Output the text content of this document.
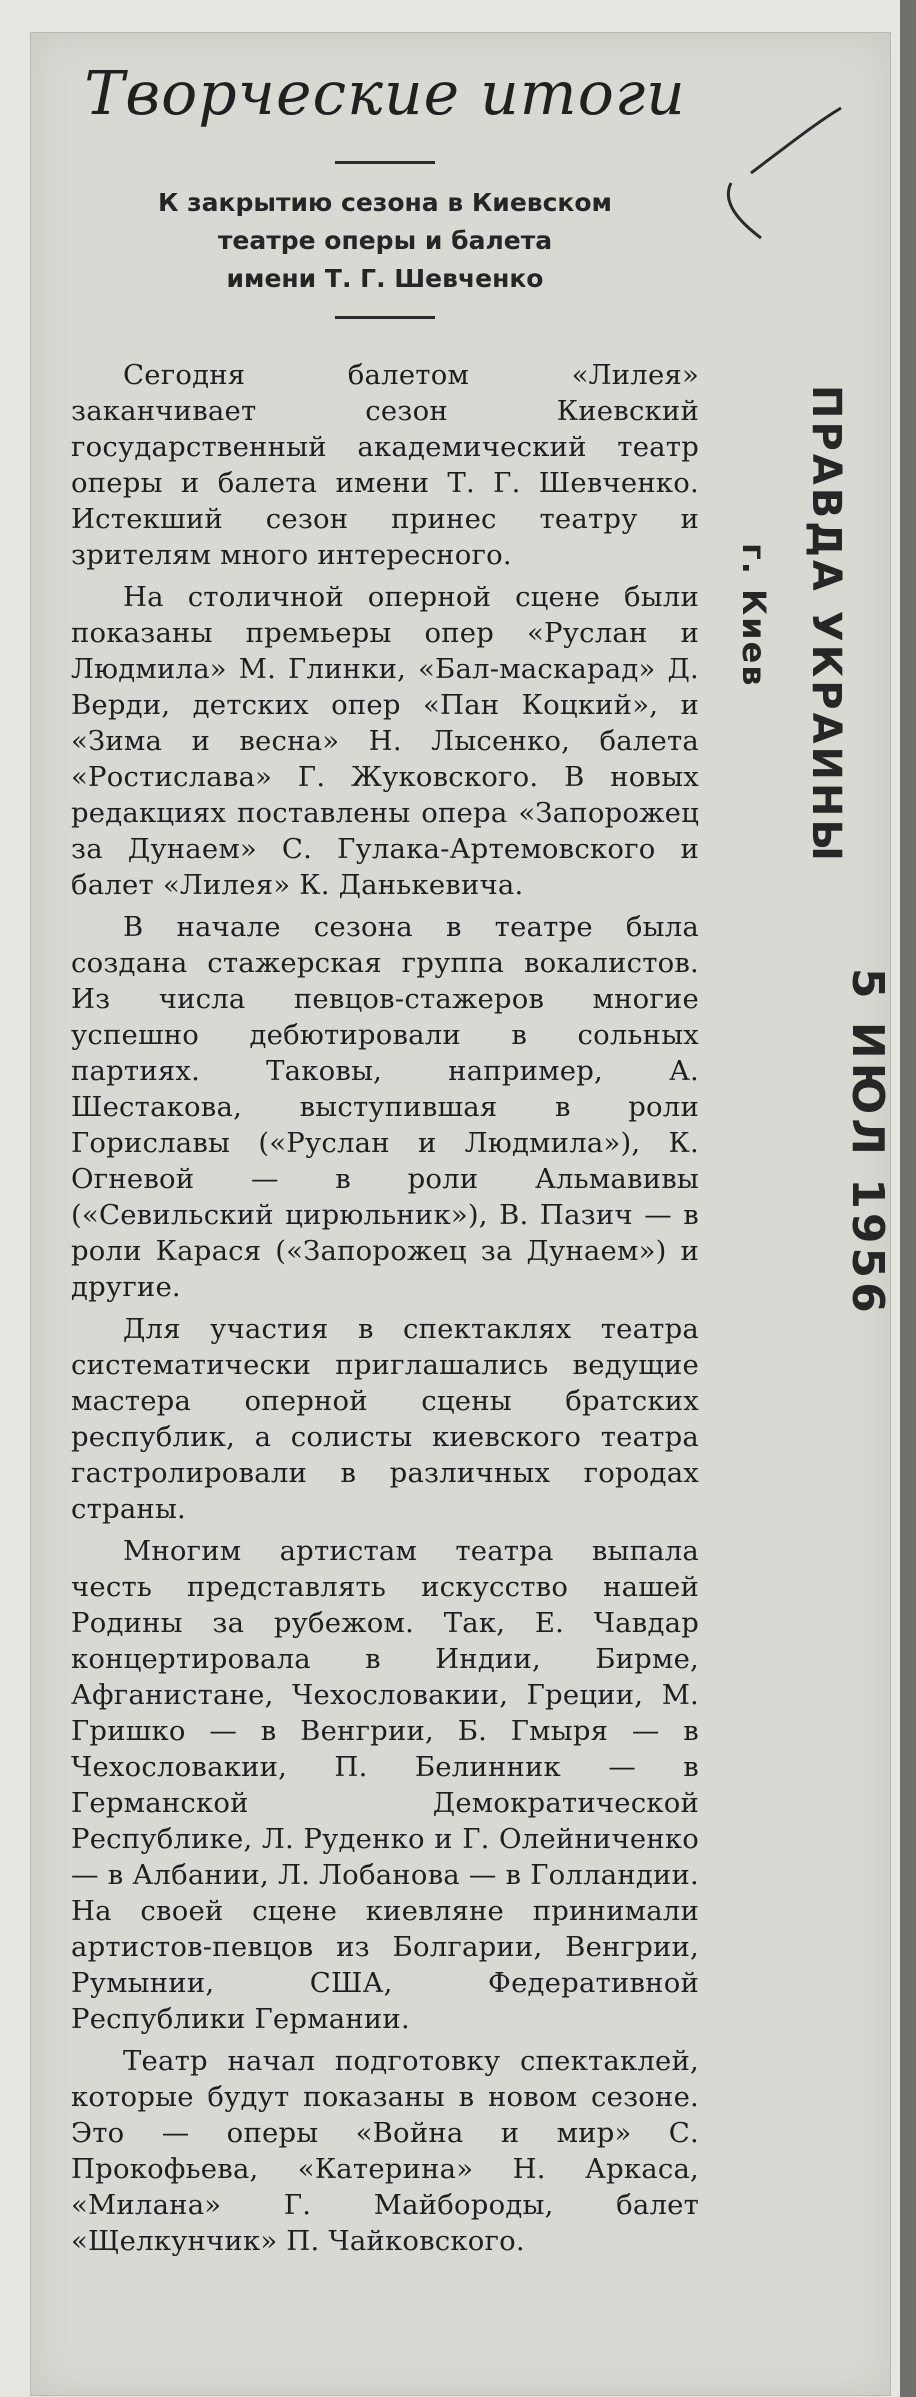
Творческие итоги
К закрытию сезона в Киевском
театре оперы и балета
имени Т. Г. Шевченко

Сегодня балетом «Лилея» заканчивает сезон Киевский государственный академический театр оперы и балета имени Т. Г. Шевченко. Истекший сезон принес театру и зрителям много интересного.

На столичной оперной сцене были показаны премьеры опер «Руслан и Людмила» М. Глинки, «Бал-маскарад» Д. Верди, детских опер «Пан Коцкий», и «Зима и весна» Н. Лысенко, балета «Ростислава» Г. Жуковского. В новых редакциях поставлены опера «Запорожец за Дунаем» С. Гулака-Артемовского и балет «Лилея» К. Данькевича.

В начале сезона в театре была создана стажерская группа вокалистов. Из числа певцов-стажеров многие успешно дебютировали в сольных партиях. Таковы, например, А. Шестакова, выступившая в роли Гориславы («Руслан и Людмила»), К. Огневой — в роли Альмавивы («Севильский цирюльник»), В. Пазич — в роли Карася («Запорожец за Дунаем») и другие.

Для участия в спектаклях театра систематически приглашались ведущие мастера оперной сцены братских республик, а солисты киевского театра гастролировали в различных городах страны.

Многим артистам театра выпала честь представлять искусство нашей Родины за рубежом. Так, Е. Чавдар концертировала в Индии, Бирме, Афганистане, Чехословакии, Греции, М. Гришко — в Венгрии, Б. Гмыря — в Чехословакии, П. Белинник — в Германской Демократической Республике, Л. Руденко и Г. Олейниченко — в Албании, Л. Лобанова — в Голландии. На своей сцене киевляне принимали артистов-певцов из Болгарии, Венгрии, Румынии, США, Федеративной Республики Германии.

Театр начал подготовку спектаклей, которые будут показаны в новом сезоне. Это — оперы «Война и мир» С. Прокофьева, «Катерина» Н. Аркаса, «Милана» Г. Майбороды, балет «Щелкунчик» П. Чайковского.

ПРАВДА УКРАИНЫ
г. Киев
5 ИЮЛ 1956
